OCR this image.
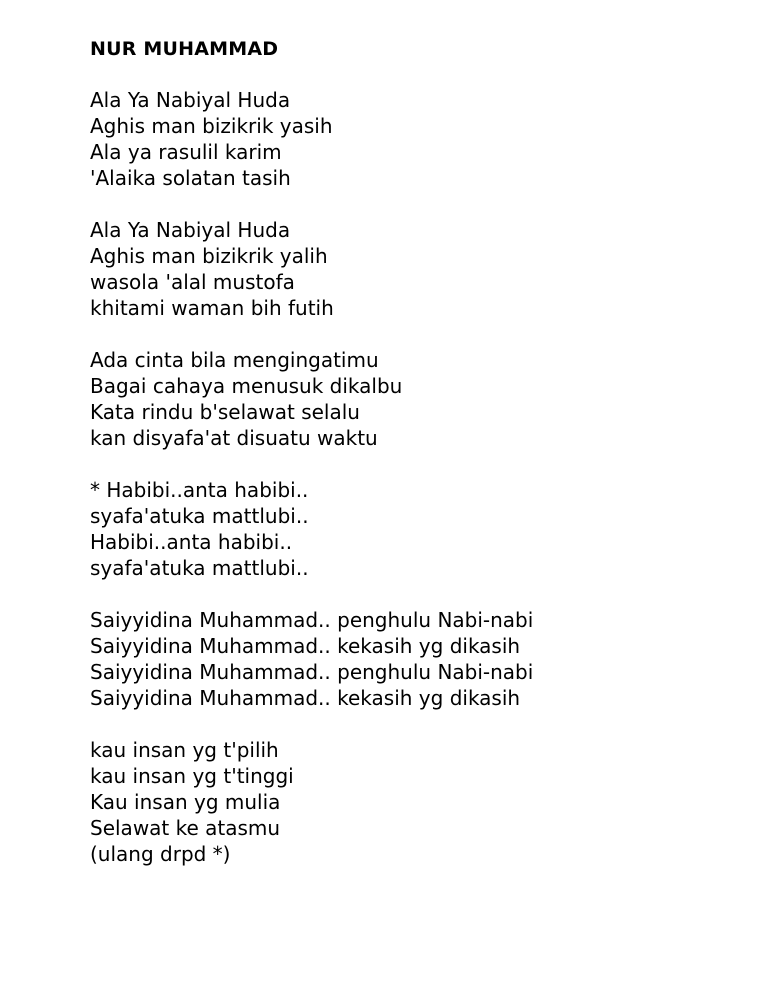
NUR MUHAMMAD
Ala Ya Nabiyal Huda
Aghis man bizikrik yasih
Ala ya rasulil karim
'Alaika solatan tasih
Ala Ya Nabiyal Huda
Aghis man bizikrik yalih
wasola 'alal mustofa
khitami waman bih futih
Ada cinta bila mengingatimu
Bagai cahaya menusuk dikalbu
Kata rindu b'selawat selalu
kan disyafa'at disuatu waktu
* Habibi..anta habibi..
syafa'atuka mattlubi..
Habibi..anta habibi..
syafa'atuka mattlubi..
Saiyyidina Muhammad.. penghulu Nabi-nabi
Saiyyidina Muhammad.. kekasih yg dikasih
Saiyyidina Muhammad.. penghulu Nabi-nabi
Saiyyidina Muhammad.. kekasih yg dikasih
kau insan yg t'pilih
kau insan yg t'tinggi
Kau insan yg mulia
Selawat ke atasmu
(ulang drpd *)
